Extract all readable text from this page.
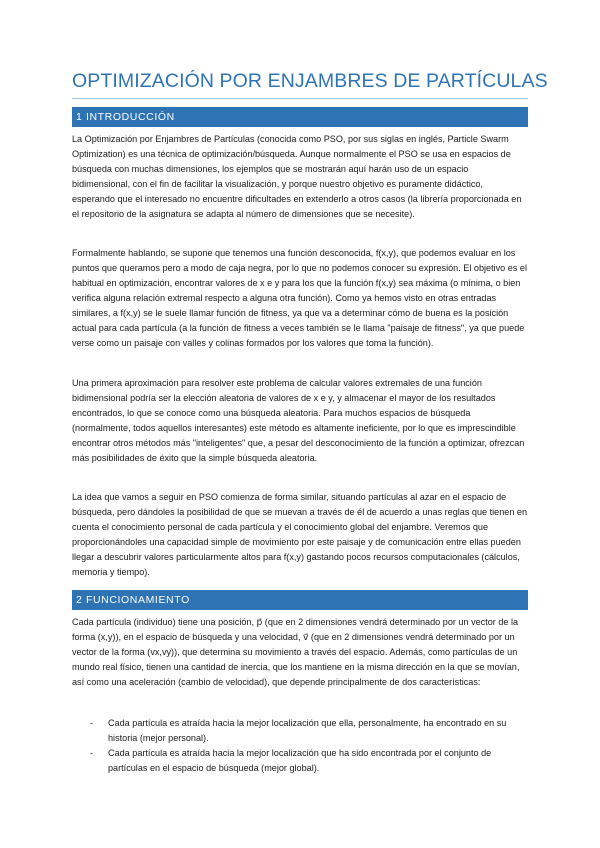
OPTIMIZACIÓN POR ENJAMBRES DE PARTÍCULAS
1 INTRODUCCIÓN

La Optimización por Enjambres de Partículas (conocida como PSO, por sus siglas en inglés, Particle Swarm Optimization) es una técnica de optimización/búsqueda. Aunque normalmente el PSO se usa en espacios de búsqueda con muchas dimensiones, los ejemplos que se mostrarán aquí harán uso de un espacio bidimensional, con el fin de facilitar la visualización, y porque nuestro objetivo es puramente didáctico, esperando que el interesado no encuentre dificultades en extenderlo a otros casos (la librería proporcionada en el repositorio de la asignatura se adapta al número de dimensiones que se necesite).

Formalmente hablando, se supone que tenemos una función desconocida, f(x,y), que podemos evaluar en los puntos que queramos pero a modo de caja negra, por lo que no podemos conocer su expresión. El objetivo es el habitual en optimización, encontrar valores de x e y para los que la función f(x,y) sea máxima (o mínima, o bien verifica alguna relación extremal respecto a alguna otra función). Como ya hemos visto en otras entradas similares, a f(x,y) se le suele llamar función de fitness, ya que va a determinar cómo de buena es la posición actual para cada partícula (a la función de fitness a veces también se le llama "paisaje de fitness", ya que puede verse como un paisaje con valles y colinas formados por los valores que toma la función).

Una primera aproximación para resolver este problema de calcular valores extremales de una función bidimensional podría ser la elección aleatoria de valores de x e y, y almacenar el mayor de los resultados encontrados, lo que se conoce como una búsqueda aleatoria. Para muchos espacios de búsqueda (normalmente, todos aquellos interesantes) este método es altamente ineficiente, por lo que es imprescindible encontrar otros métodos más "inteligentes" que, a pesar del desconocimiento de la función a optimizar, ofrezcan más posibilidades de éxito que la simple búsqueda aleatoria.

La idea que vamos a seguir en PSO comienza de forma similar, situando partículas al azar en el espacio de búsqueda, pero dándoles la posibilidad de que se muevan a través de él de acuerdo a unas reglas que tienen en cuenta el conocimiento personal de cada partícula y el conocimiento global del enjambre. Veremos que proporcionándoles una capacidad simple de movimiento por este paisaje y de comunicación entre ellas pueden llegar a descubrir valores particularmente altos para f(x,y) gastando pocos recursos computacionales (cálculos, memoria y tiempo).

2 FUNCIONAMIENTO

Cada partícula (individuo) tiene una posición, p⃗ (que en 2 dimensiones vendrá determinado por un vector de la forma (x,y)), en el espacio de búsqueda y una velocidad, v⃗ (que en 2 dimensiones vendrá determinado por un vector de la forma (vx,vy)), que determina su movimiento a través del espacio. Además, como partículas de un mundo real físico, tienen una cantidad de inercia, que los mantiene en la misma dirección en la que se movían, así como una aceleración (cambio de velocidad), que depende principalmente de dos características:

- Cada partícula es atraída hacia la mejor localización que ella, personalmente, ha encontrado en su historia (mejor personal).
- Cada partícula es atraída hacia la mejor localización que ha sido encontrada por el conjunto de partículas en el espacio de búsqueda (mejor global).
